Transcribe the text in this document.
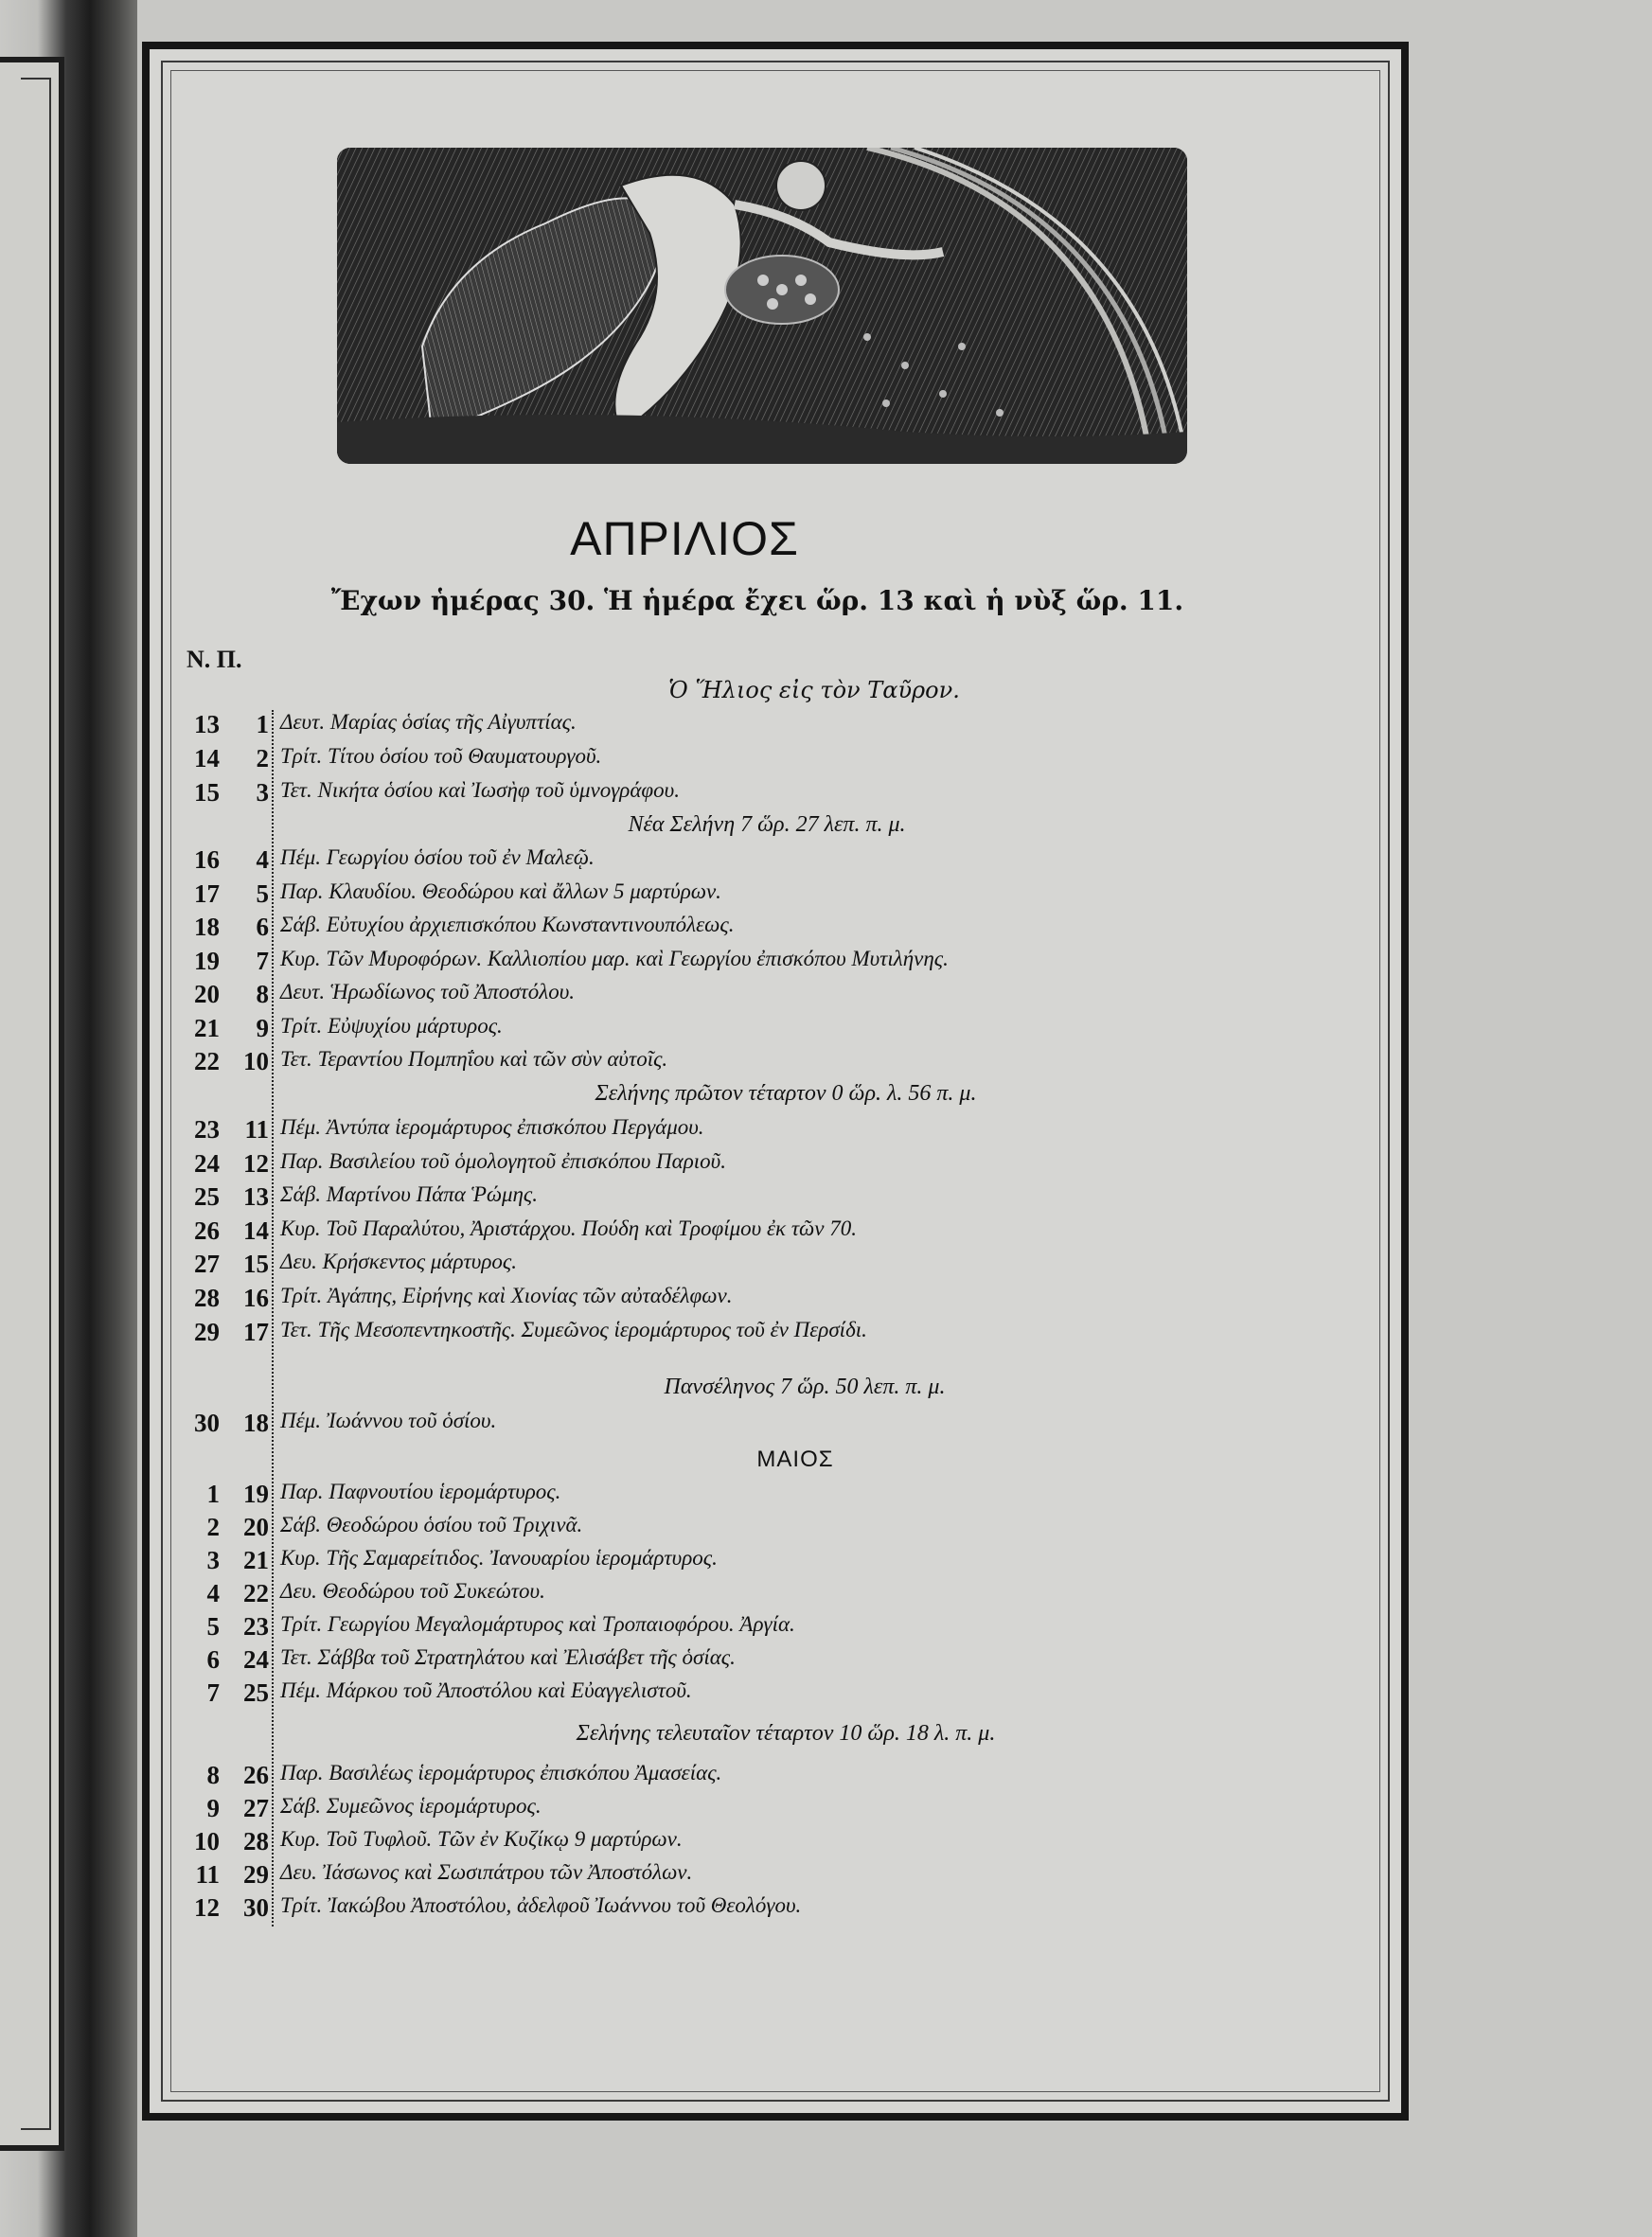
ΑΠΡΙΛΙΟΣ
Ἔχων ἡμέρας 30. Ἡ ἡμέρα ἔχει ὥρ. 13 καὶ ἡ νὺξ ὥρ. 11.
Ν. Π.
Ὁ Ἥλιος εἰς τὸν Ταῦρον.
13	1 Δευτ. Μαρίας ὁσίας τῆς Αἰγυπτίας.
14	2 Τρίτ. Τίτου ὁσίου τοῦ Θαυματουργοῦ.
15	3 Τετ. Νικήτα ὁσίου καὶ Ἰωσὴφ τοῦ ὑμνογράφου.
Νέα Σελήνη 7 ὥρ. 27 λεπ. π. μ.
16	4 Πέμ. Γεωργίου ὁσίου τοῦ ἐν Μαλεῷ.
17	5 Παρ. Κλαυδίου. Θεοδώρου καὶ ἄλλων 5 μαρτύρων.
18	6 Σάβ. Εὐτυχίου ἀρχιεπισκόπου Κωνσταντινουπόλεως.
19	7 Κυρ. Τῶν Μυροφόρων. Καλλιοπίου μαρ. καὶ Γεωργίου ἐπισκόπου Μυτιλήνης.
20	8 Δευτ. Ἡρωδίωνος τοῦ Ἀποστόλου.
21	9 Τρίτ. Εὐψυχίου μάρτυρος.
22 10 Τετ. Τεραντίου Πομπηΐου καὶ τῶν σὺν αὐτοῖς.
Σελήνης πρῶτον τέταρτον 0 ὥρ. λ. 56 π. μ.
23 11 Πέμ. Ἀντύπα ἱερομάρτυρος ἐπισκόπου Περγάμου.
24 12 Παρ. Βασιλείου τοῦ ὁμολογητοῦ ἐπισκόπου Παριοῦ.
25 13 Σάβ. Μαρτίνου Πάπα Ῥώμης.
26 14 Κυρ. Τοῦ Παραλύτου, Ἀριστάρχου. Πούδη καὶ Τροφίμου ἐκ τῶν 70.
27 15 Δευ. Κρήσκεντος μάρτυρος.
28 16 Τρίτ. Ἀγάπης, Εἰρήνης καὶ Χιονίας τῶν αὐταδέλφων.
29 17 Τετ. Τῆς Μεσοπεντηκοστῆς. Συμεῶνος ἱερομάρτυρος τοῦ ἐν Περσίδι.
Πανσέληνος 7 ὥρ. 50 λεπ. π. μ.
30 18 Πέμ. Ἰωάννου τοῦ ὁσίου.
ΜΑΙΟΣ
1 19 Παρ. Παφνουτίου ἱερομάρτυρος.
2 20 Σάβ. Θεοδώρου ὁσίου τοῦ Τριχινᾶ.
3 21 Κυρ. Τῆς Σαμαρείτιδος. Ἰανουαρίου ἱερομάρτυρος.
4 22 Δευ. Θεοδώρου τοῦ Συκεώτου.
5 23 Τρίτ. Γεωργίου Μεγαλομάρτυρος καὶ Τροπαιοφόρου. Ἀργία.
6 24 Τετ. Σάββα τοῦ Στρατηλάτου καὶ Ἐλισάβετ τῆς ὁσίας.
7 25 Πέμ. Μάρκου τοῦ Ἀποστόλου καὶ Εὐαγγελιστοῦ.
Σελήνης τελευταῖον τέταρτον 10 ὥρ. 18 λ. π. μ.
8 26 Παρ. Βασιλέως ἱερομάρτυρος ἐπισκόπου Ἀμασείας.
9 27 Σάβ. Συμεῶνος ἱερομάρτυρος.
10 28 Κυρ. Τοῦ Τυφλοῦ. Τῶν ἐν Κυζίκῳ 9 μαρτύρων.
11 29 Δευ. Ἰάσωνος καὶ Σωσιπάτρου τῶν Ἀποστόλων.
12 30 Τρίτ. Ἰακώβου Ἀποστόλου, ἀδελφοῦ Ἰωάννου τοῦ Θεολόγου.
